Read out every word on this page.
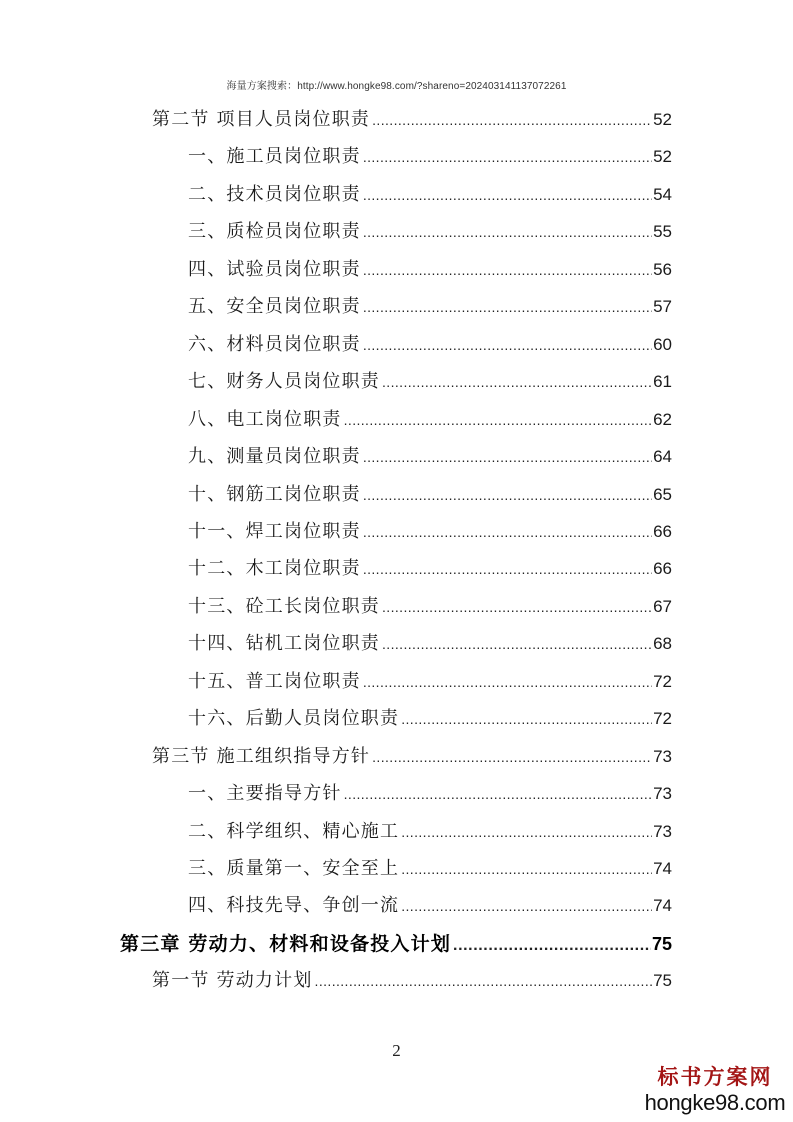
海量方案搜索：http://www.hongke98.com/?shareno=20240314113707226​1
第二节 项目人员岗位职责 .....	52
一、施工员岗位职责 .....	52
二、技术员岗位职责 .....	54
三、质检员岗位职责 .....	55
四、试验员岗位职责 .....	56
五、安全员岗位职责 .....	57
六、材料员岗位职责 .....	60
七、财务人员岗位职责 .....	61
八、电工岗位职责 .....	62
九、测量员岗位职责 .....	64
十、钢筋工岗位职责 .....	65
十一、焊工岗位职责 .....	66
十二、木工岗位职责 .....	66
十三、砼工长岗位职责 .....	67
十四、钻机工岗位职责 .....	68
十五、普工岗位职责 .....	72
十六、后勤人员岗位职责 .....	72
第三节 施工组织指导方针 .....	73
一、主要指导方针 .....	73
二、科学组织、精心施工 .....	73
三、质量第一、安全至上 .....	74
四、科技先导、争创一流 .....	74
第三章 劳动力、材料和设备投入计划 .....	75
第一节 劳动力计划 .....	75
2
标书方案网
hongke98.com
